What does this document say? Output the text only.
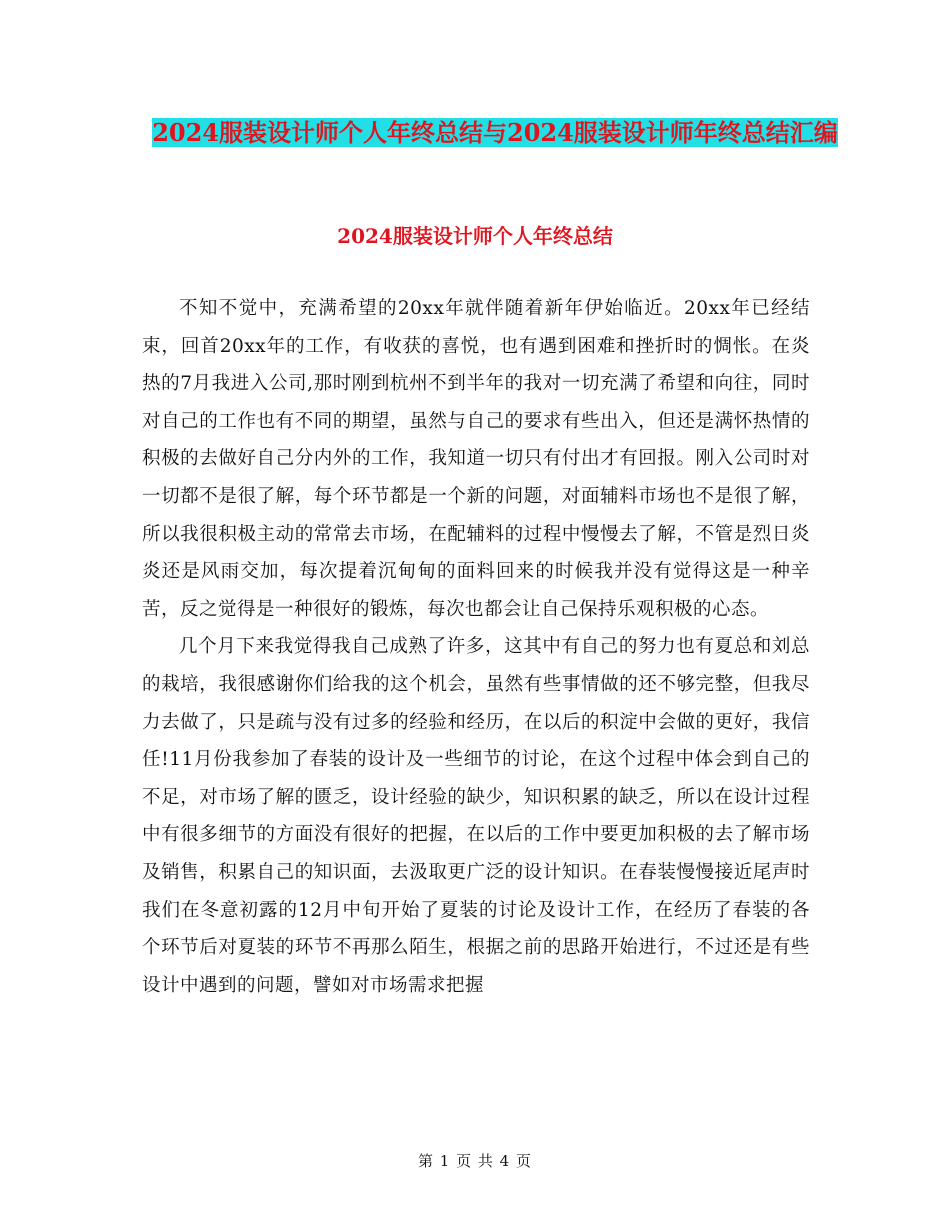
2024服装设计师个人年终总结与2024服装设计师年终总结汇编
2024服装设计师个人年终总结

不知不觉中，充满希望的20xx年就伴随着新年伊始临近。20xx年已经结束，回首20xx年的工作，有收获的喜悦，也有遇到困难和挫折时的惆怅。在炎热的7月我进入公司,那时刚到杭州不到半年的我对一切充满了希望和向往，同时对自己的工作也有不同的期望，虽然与自己的要求有些出入，但还是满怀热情的积极的去做好自己分内外的工作，我知道一切只有付出才有回报。刚入公司时对一切都不是很了解，每个环节都是一个新的问题，对面辅料市场也不是很了解，所以我很积极主动的常常去市场，在配辅料的过程中慢慢去了解，不管是烈日炎炎还是风雨交加，每次提着沉甸甸的面料回来的时候我并没有觉得这是一种辛苦，反之觉得是一种很好的锻炼，每次也都会让自己保持乐观积极的心态。

几个月下来我觉得我自己成熟了许多，这其中有自己的努力也有夏总和刘总的栽培，我很感谢你们给我的这个机会，虽然有些事情做的还不够完整，但我尽力去做了，只是疏与没有过多的经验和经历，在以后的积淀中会做的更好，我信任!11月份我参加了春装的设计及一些细节的讨论，在这个过程中体会到自己的不足，对市场了解的匮乏，设计经验的缺少，知识积累的缺乏，所以在设计过程中有很多细节的方面没有很好的把握，在以后的工作中要更加积极的去了解市场及销售，积累自己的知识面，去汲取更广泛的设计知识。在春装慢慢接近尾声时我们在冬意初露的12月中旬开始了夏装的讨论及设计工作，在经历了春装的各个环节后对夏装的环节不再那么陌生，根据之前的思路开始进行，不过还是有些设计中遇到的问题，譬如对市场需求把握

第 1 页 共 4 页
